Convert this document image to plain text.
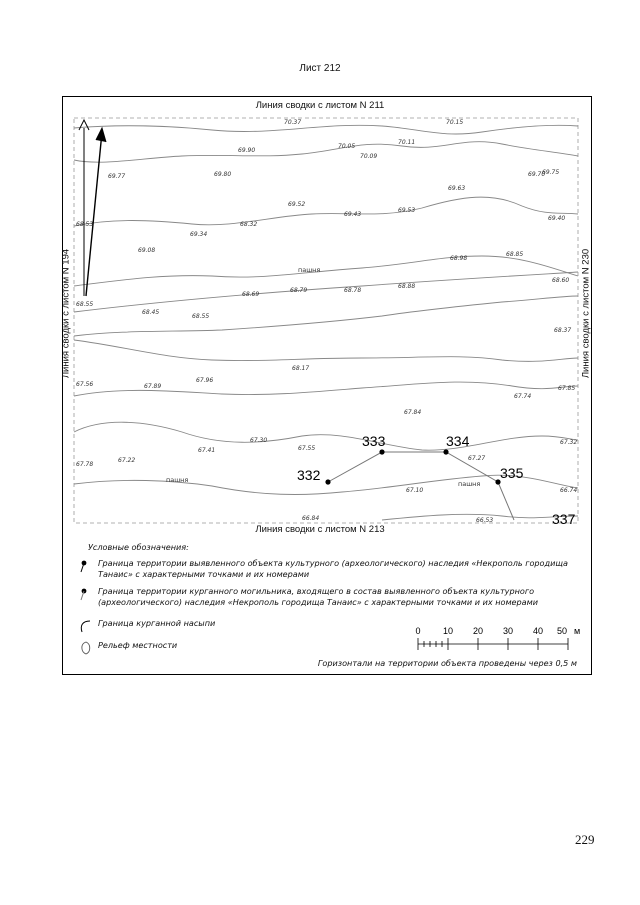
Лист 212
333	334
332	335
337
пашня
пашня	пашня
70.37	70.15
70.05
70.11
70.09
69.90
69.77	69.80
69.63
69.70
69.75
69.52
69.43
69.53
69.40
68.53
69.34
68.32
69.08
68.98
68.85
68.60
68.69
68.79	68.78
68.88
68.55
68.45
68.55
68.37
68.17
67.56	67.89
67.96
67.84
67.74
67.85
67.30
67.55
67.41
67.32
67.78
67.22	67.27
67.10	66.74
66.84	66.53
Линия сводки с листом N 211
Линия сводки с листом N 213
Линия сводки с листом N 194	Линия сводки с листом N 230
Условные обозначения:
Граница территории выявленного объекта культурного (археологического) наследия «Некрополь городища Танаис» с характерными точками и их номерами
Граница территории курганного могильника, входящего в состав выявленного объекта культурного (археологического) наследия «Некрополь городища Танаис» с характерными точками и их номерами
Граница курганной насыпи
Рельеф местности
0 10 20 30 40 50 м
Горизонтали на территории объекта проведены через 0,5 м
229
